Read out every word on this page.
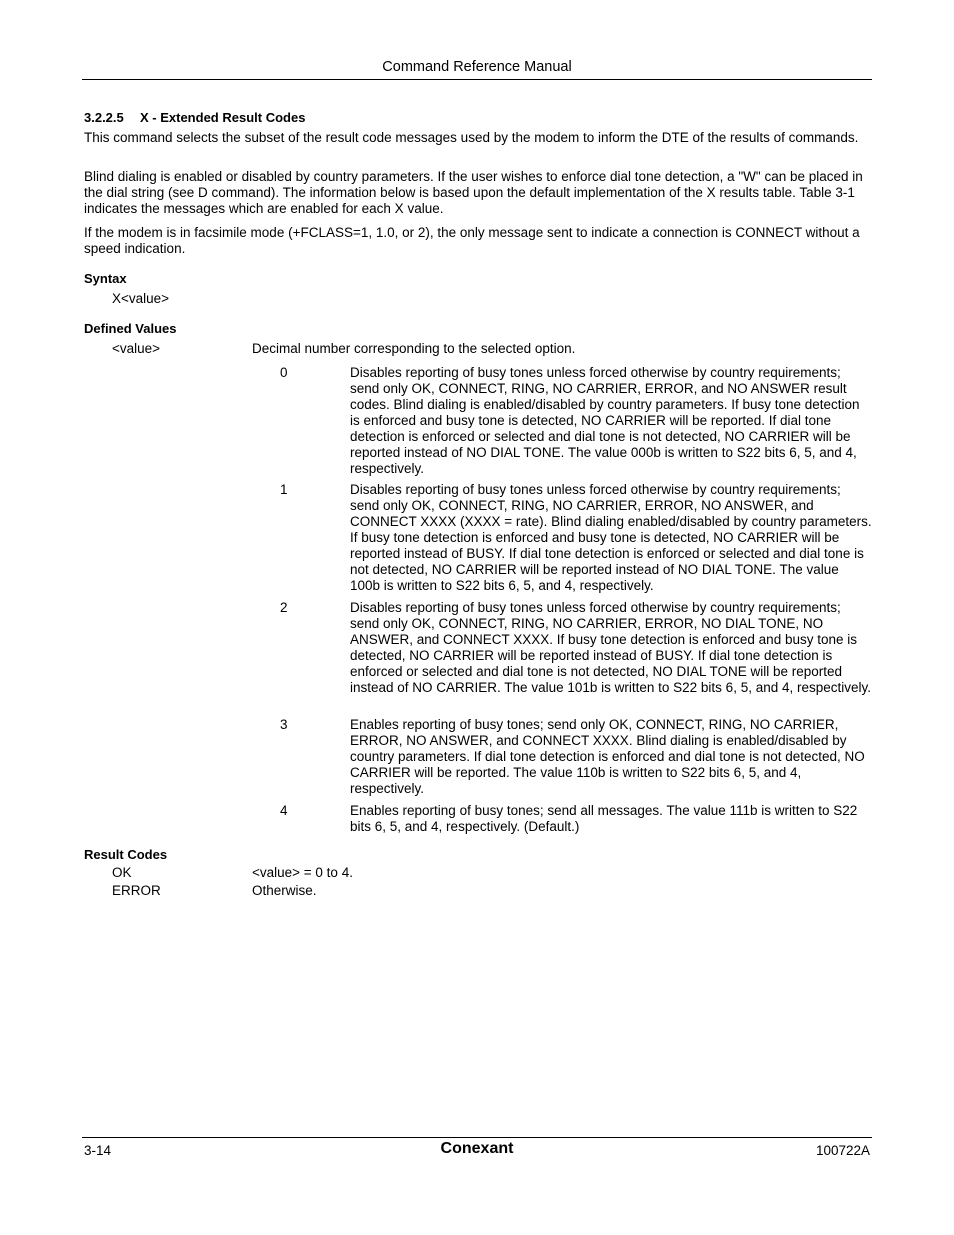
Command Reference Manual
3.2.2.5 X - Extended Result Codes

This command selects the subset of the result code messages used by the modem to inform the DTE of the results of commands.

Blind dialing is enabled or disabled by country parameters. If the user wishes to enforce dial tone detection, a "W" can be placed in the dial string (see D command). The information below is based upon the default implementation of the X results table. Table 3-1 indicates the messages which are enabled for each X value.

If the modem is in facsimile mode (+FCLASS=1, 1.0, or 2), the only message sent to indicate a connection is CONNECT without a speed indication.

Syntax
X<value>
Defined Values
<value>	Decimal number corresponding to the selected option.
0	Disables reporting of busy tones unless forced otherwise by country requirements; send only OK, CONNECT, RING, NO CARRIER, ERROR, and NO ANSWER result codes. Blind dialing is enabled/disabled by country parameters. If busy tone detection is enforced and busy tone is detected, NO CARRIER will be reported. If dial tone detection is enforced or selected and dial tone is not detected, NO CARRIER will be reported instead of NO DIAL TONE. The value 000b is written to S22 bits 6, 5, and 4, respectively.

1	Disables reporting of busy tones unless forced otherwise by country requirements; send only OK, CONNECT, RING, NO CARRIER, ERROR, NO ANSWER, and CONNECT XXXX (XXXX = rate). Blind dialing enabled/disabled by country parameters. If busy tone detection is enforced and busy tone is detected, NO CARRIER will be reported instead of BUSY. If dial tone detection is enforced or selected and dial tone is not detected, NO CARRIER will be reported instead of NO DIAL TONE. The value 100b is written to S22 bits 6, 5, and 4, respectively.

2	Disables reporting of busy tones unless forced otherwise by country requirements; send only OK, CONNECT, RING, NO CARRIER, ERROR, NO DIAL TONE, NO ANSWER, and CONNECT XXXX. If busy tone detection is enforced and busy tone is detected, NO CARRIER will be reported instead of BUSY. If dial tone detection is enforced or selected and dial tone is not detected, NO DIAL TONE will be reported instead of NO CARRIER. The value 101b is written to S22 bits 6, 5, and 4, respectively.

3	Enables reporting of busy tones; send only OK, CONNECT, RING, NO CARRIER, ERROR, NO ANSWER, and CONNECT XXXX. Blind dialing is enabled/disabled by country parameters. If dial tone detection is enforced and dial tone is not detected, NO CARRIER will be reported. The value 110b is written to S22 bits 6, 5, and 4, respectively.

4	Enables reporting of busy tones; send all messages. The value 111b is written to S22 bits 6, 5, and 4, respectively. (Default.)

Result Codes
OK	<value> = 0 to 4.
ERROR	Otherwise.
3-14	Conexant	100722A
